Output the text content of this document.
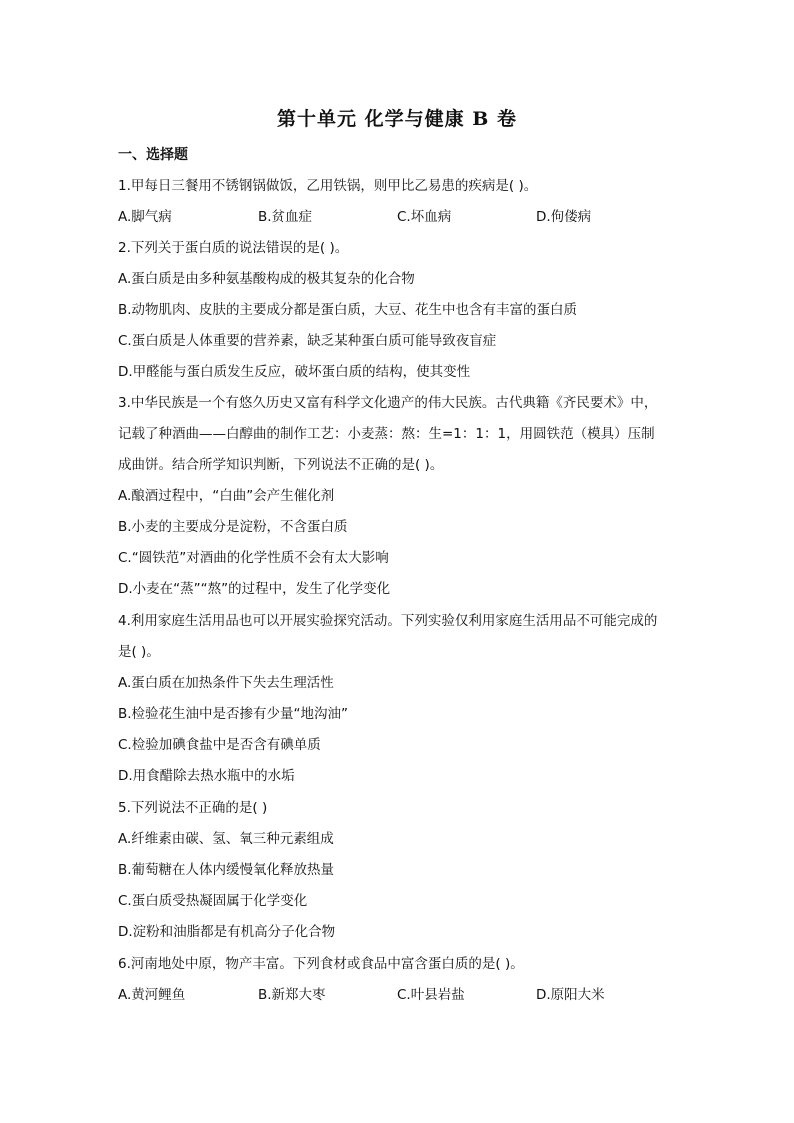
第十单元 化学与健康 B 卷
一、选择题
1.甲每日三餐用不锈钢锅做饭，乙用铁锅，则甲比乙易患的疾病是( )。
A.脚气病	B.贫血症	C.坏血病	D.佝偻病
2.下列关于蛋白质的说法错误的是( )。
A.蛋白质是由多种氨基酸构成的极其复杂的化合物
B.动物肌肉、皮肤的主要成分都是蛋白质，大豆、花生中也含有丰富的蛋白质
C.蛋白质是人体重要的营养素，缺乏某种蛋白质可能导致夜盲症
D.甲醛能与蛋白质发生反应，破坏蛋白质的结构，使其变性
3.中华民族是一个有悠久历史又富有科学文化遗产的伟大民族。古代典籍《齐民要术》中，
记载了种酒曲——白醇曲的制作工艺：小麦蒸：熬：生=1：1：1，用圆铁范（模具）压制
成曲饼。结合所学知识判断，下列说法不正确的是( )。
A.酿酒过程中，“白曲”会产生催化剂
B.小麦的主要成分是淀粉，不含蛋白质
C.“圆铁范”对酒曲的化学性质不会有太大影响
D.小麦在“蒸”“熬”的过程中，发生了化学变化
4.利用家庭生活用品也可以开展实验探究活动。下列实验仅利用家庭生活用品不可能完成的
是( )。
A.蛋白质在加热条件下失去生理活性
B.检验花生油中是否掺有少量“地沟油”
C.检验加碘食盐中是否含有碘单质
D.用食醋除去热水瓶中的水垢
5.下列说法不正确的是( )
A.纤维素由碳、氢、氧三种元素组成
B.葡萄糖在人体内缓慢氧化释放热量
C.蛋白质受热凝固属于化学变化
D.淀粉和油脂都是有机高分子化合物
6.河南地处中原，物产丰富。下列食材或食品中富含蛋白质的是( )。
A.黄河鲤鱼	B.新郑大枣	C.叶县岩盐	D.原阳大米
